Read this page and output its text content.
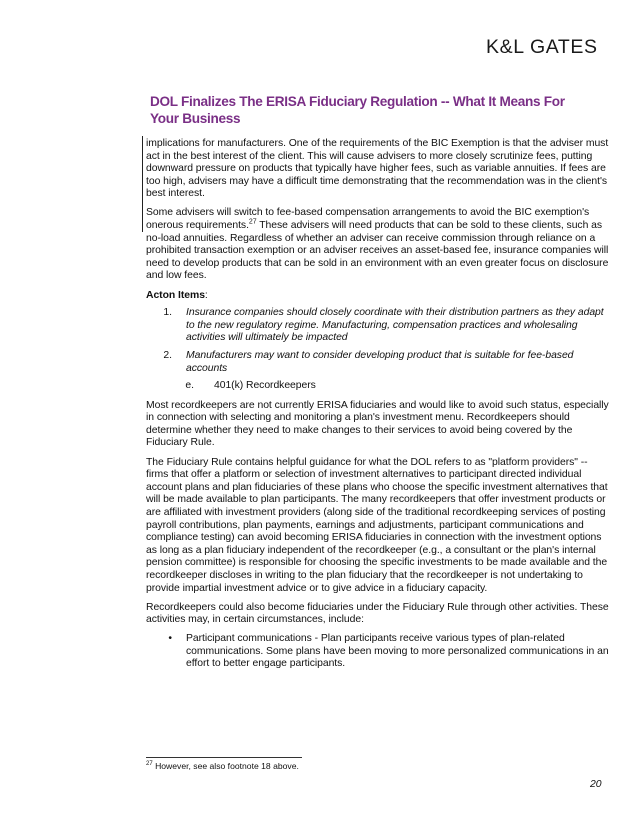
K&L GATES
DOL Finalizes The ERISA Fiduciary Regulation -- What It Means For
Your Business

implications for manufacturers. One of the requirements of the BIC Exemption is that the adviser must act in the best interest of the client. This will cause advisers to more closely scrutinize fees, putting downward pressure on products that typically have higher fees, such as variable annuities. If fees are too high, advisers may have a difficult time demonstrating that the recommendation was in the client's best interest.

Some advisers will switch to fee-based compensation arrangements to avoid the BIC exemption's onerous requirements.$^{27}$ These advisers will need products that can be sold to these clients, such as no-load annuities. Regardless of whether an adviser can receive commission through reliance on a prohibited transaction exemption or an adviser receives an asset-based fee, insurance companies will need to develop products that can be sold in an environment with an even greater focus on disclosure and low fees.

Acton Items:

1.	Insurance companies should closely coordinate with their distribution partners as they adapt to the new regulatory regime. Manufacturing, compensation practices and wholesaling activities will ultimately be impacted
2.	Manufacturers may want to consider developing product that is suitable for fee-based accounts
e.	401(k) Recordkeepers

Most recordkeepers are not currently ERISA fiduciaries and would like to avoid such status, especially in connection with selecting and monitoring a plan's investment menu. Recordkeepers should determine whether they need to make changes to their services to avoid being covered by the Fiduciary Rule.

The Fiduciary Rule contains helpful guidance for what the DOL refers to as "platform providers" -- firms that offer a platform or selection of investment alternatives to participant directed individual account plans and plan fiduciaries of these plans who choose the specific investment alternatives that will be made available to plan participants. The many recordkeepers that offer investment products or are affiliated with investment providers (along side of the traditional recordkeeping services of posting payroll contributions, plan payments, earnings and adjustments, participant communications and compliance testing) can avoid becoming ERISA fiduciaries in connection with the investment options as long as a plan fiduciary independent of the recordkeeper (e.g., a consultant or the plan's internal pension committee) is responsible for choosing the specific investments to be made available and the recordkeeper discloses in writing to the plan fiduciary that the recordkeeper is not undertaking to provide impartial investment advice or to give advice in a fiduciary capacity.

Recordkeepers could also become fiduciaries under the Fiduciary Rule through other activities. These activities may, in certain circumstances, include:

•	Participant communications - Plan participants receive various types of plan-related communications. Some plans have been moving to more personalized communications in an effort to better engage participants.
$^{27}$ However, see also footnote 18 above.
20
